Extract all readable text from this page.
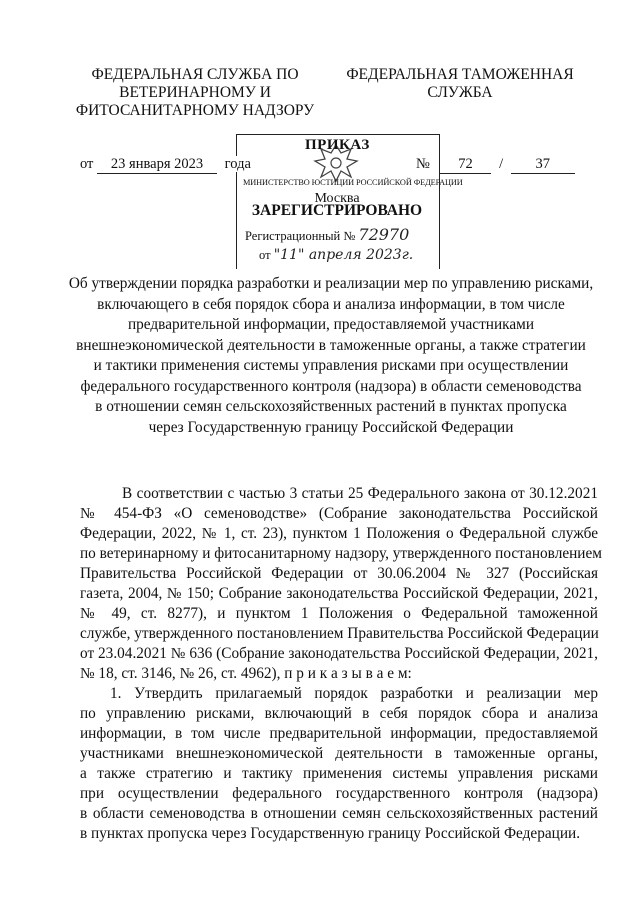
ФЕДЕРАЛЬНАЯ СЛУЖБА ПО
ВЕТЕРИНАРНОМУ И
ФИТОСАНИТАРНОМУ НАДЗОРУ
ФЕДЕРАЛЬНАЯ ТАМОЖЕННАЯ
СЛУЖБА
ПРИКАЗ
МИНИСТЕРСТВО ЮСТИЦИИ РОССИЙСКОЙ ФЕДЕРАЦИИ
Москва
ЗАРЕГИСТРИРОВАНО
Регистрационный № 72970
от "11" апреля 2023г.
от 23 января 2023 года	№ 72 / 37
Об утверждении порядка разработки и реализации мер по управлению рисками,
включающего в себя порядок сбора и анализа информации, в том числе
предварительной информации, предоставляемой участниками
внешнеэкономической деятельности в таможенные органы, а также стратегии
и тактики применения системы управления рисками при осуществлении
федерального государственного контроля (надзора) в области семеноводства
в отношении семян сельскохозяйственных растений в пунктах пропуска
через Государственную границу Российской Федерации
В соответствии с частью 3 статьи 25 Федерального закона от 30.12.2021
№ 454-ФЗ «О семеноводстве» (Собрание законодательства Российской
Федерации, 2022, № 1, ст. 23), пунктом 1 Положения о Федеральной службе
по ветеринарному и фитосанитарному надзору, утвержденного постановлением
Правительства Российской Федерации от 30.06.2004 № 327 (Российская
газета, 2004, № 150; Собрание законодательства Российской Федерации, 2021,
№ 49, ст. 8277), и пунктом 1 Положения о Федеральной таможенной
службе, утвержденного постановлением Правительства Российской Федерации
от 23.04.2021 № 636 (Собрание законодательства Российской Федерации, 2021,
№ 18, ст. 3146, № 26, ст. 4962), п р и к а з ы в а е м:
1. Утвердить прилагаемый порядок разработки и реализации мер
по управлению рисками, включающий в себя порядок сбора и анализа
информации, в том числе предварительной информации, предоставляемой
участниками внешнеэкономической деятельности в таможенные органы,
а также стратегию и тактику применения системы управления рисками
при осуществлении федерального государственного контроля (надзора)
в области семеноводства в отношении семян сельскохозяйственных растений
в пунктах пропуска через Государственную границу Российской Федерации.
